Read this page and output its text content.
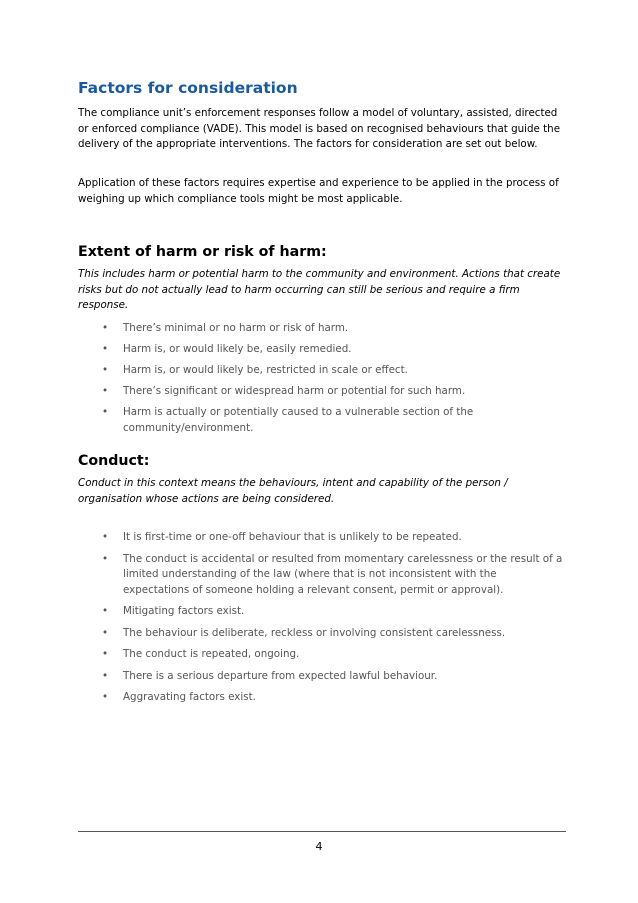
Factors for consideration

The compliance unit’s enforcement responses follow a model of voluntary, assisted, directed or enforced compliance (VADE). This model is based on recognised behaviours that guide the delivery of the appropriate interventions. The factors for consideration are set out below.

Application of these factors requires expertise and experience to be applied in the process of weighing up which compliance tools might be most applicable.

Extent of harm or risk of harm:

This includes harm or potential harm to the community and environment. Actions that create risks but do not actually lead to harm occurring can still be serious and require a firm response.

• There’s minimal or no harm or risk of harm.
• Harm is, or would likely be, easily remedied.
• Harm is, or would likely be, restricted in scale or effect.
• There’s significant or widespread harm or potential for such harm.
• Harm is actually or potentially caused to a vulnerable section of the community/environment.
Conduct:

Conduct in this context means the behaviours, intent and capability of the person / organisation whose actions are being considered.

• It is first-time or one-off behaviour that is unlikely to be repeated.
• The conduct is accidental or resulted from momentary carelessness or the result of a limited understanding of the law (where that is not inconsistent with the expectations of someone holding a relevant consent, permit or approval).
• Mitigating factors exist.
• The behaviour is deliberate, reckless or involving consistent carelessness.
• The conduct is repeated, ongoing.
• There is a serious departure from expected lawful behaviour.
• Aggravating factors exist.
4
